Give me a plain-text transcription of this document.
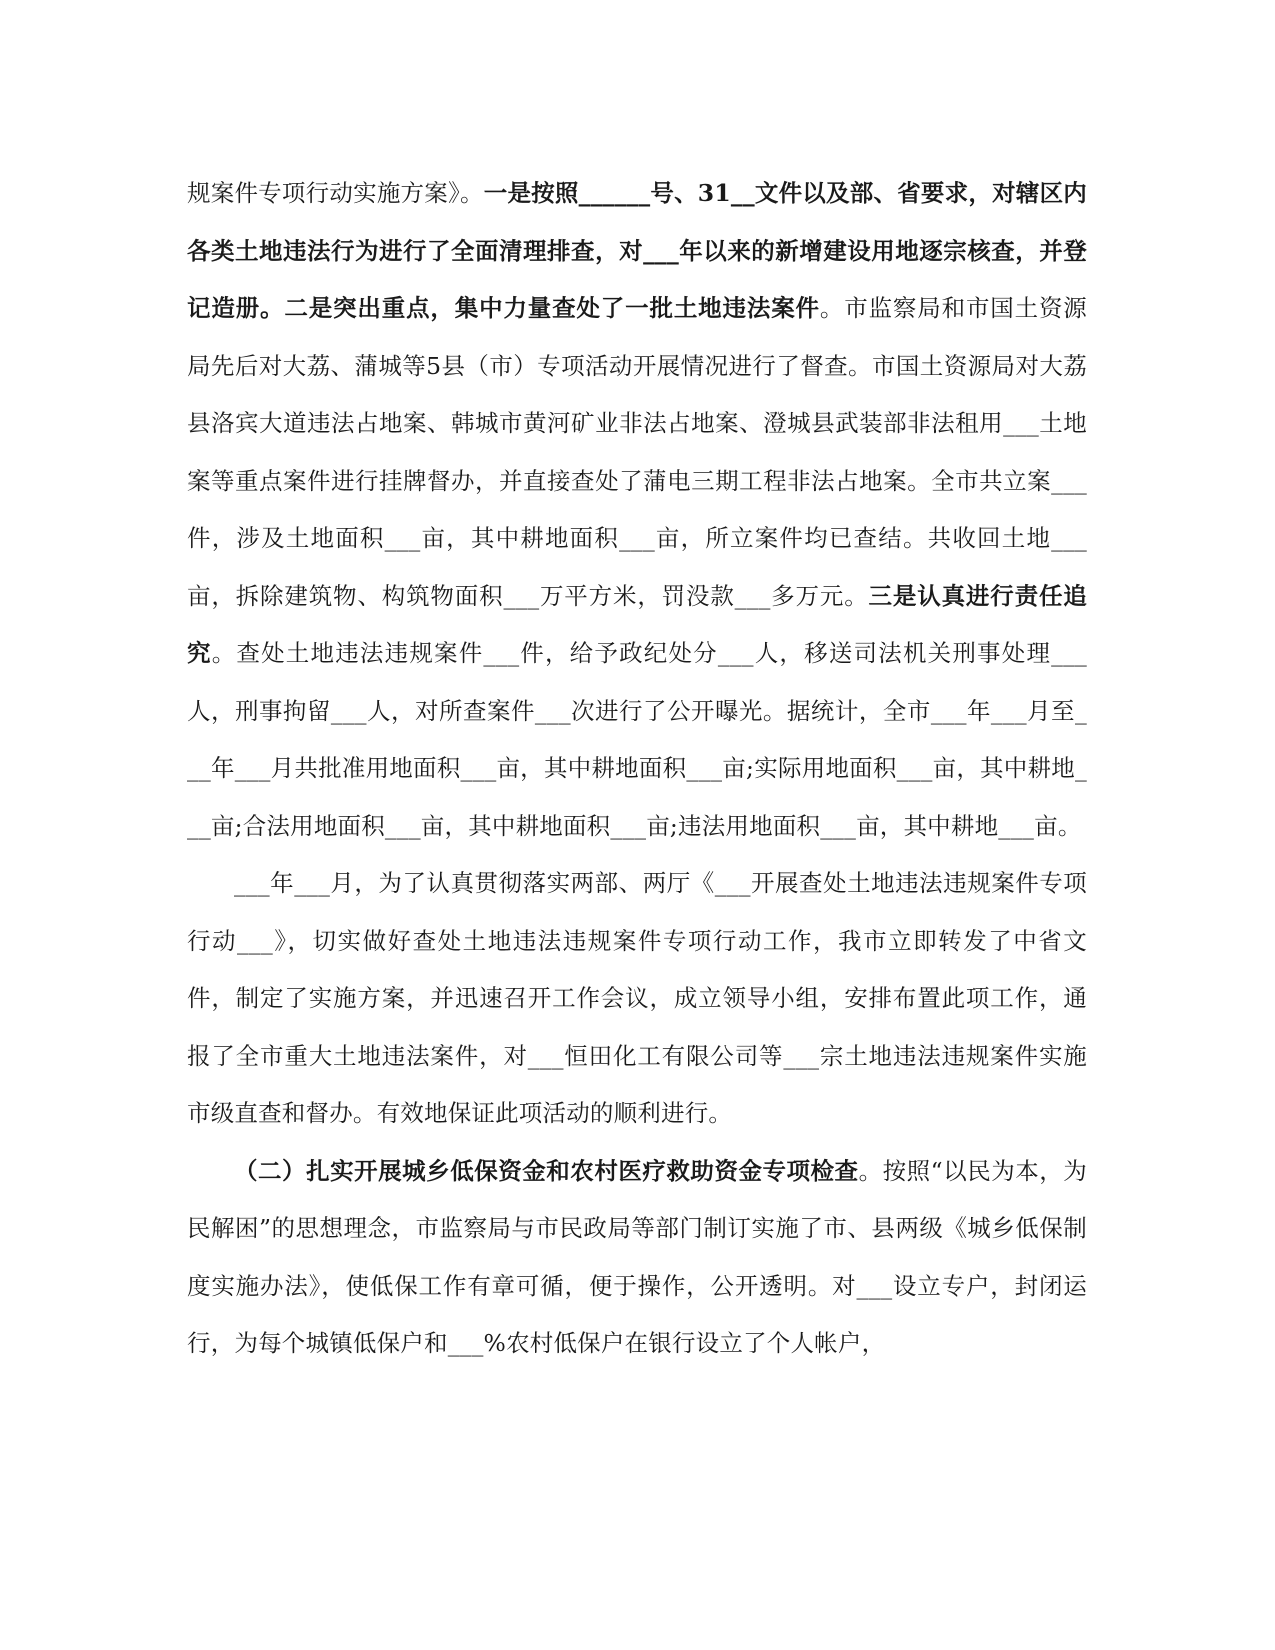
规案件专项行动实施方案》。一是按照______号、31__文件以及部、省要求，对辖区内各类土地违法行为进行了全面清理排查，对___年以来的新增建设用地逐宗核查，并登记造册。二是突出重点，集中力量查处了一批土地违法案件。市监察局和市国土资源局先后对大荔、蒲城等5县（市）专项活动开展情况进行了督查。市国土资源局对大荔县洛宾大道违法占地案、韩城市黄河矿业非法占地案、澄城县武装部非法租用___土地案等重点案件进行挂牌督办，并直接查处了蒲电三期工程非法占地案。全市共立案___件，涉及土地面积___亩，其中耕地面积___亩，所立案件均已查结。共收回土地___亩，拆除建筑物、构筑物面积___万平方米，罚没款___多万元。三是认真进行责任追究。查处土地违法违规案件___件，给予政纪处分___人，移送司法机关刑事处理___人，刑事拘留___人，对所查案件___次进行了公开曝光。据统计，全市___年___月至___年___月共批准用地面积___亩，其中耕地面积___亩;实际用地面积___亩，其中耕地___亩;合法用地面积___亩，其中耕地面积___亩;违法用地面积___亩，其中耕地___亩。

___年___月，为了认真贯彻落实两部、两厅《___开展查处土地违法违规案件专项行动___》，切实做好查处土地违法违规案件专项行动工作，我市立即转发了中省文件，制定了实施方案，并迅速召开工作会议，成立领导小组，安排布置此项工作，通报了全市重大土地违法案件，对___恒田化工有限公司等___宗土地违法违规案件实施市级直查和督办。有效地保证此项活动的顺利进行。

（二）扎实开展城乡低保资金和农村医疗救助资金专项检查。按照“以民为本，为民解困”的思想理念，市监察局与市民政局等部门制订实施了市、县两级《城乡低保制度实施办法》，使低保工作有章可循，便于操作，公开透明。对___设立专户，封闭运行，为每个城镇低保户和___%农村低保户在银行设立了个人帐户，
